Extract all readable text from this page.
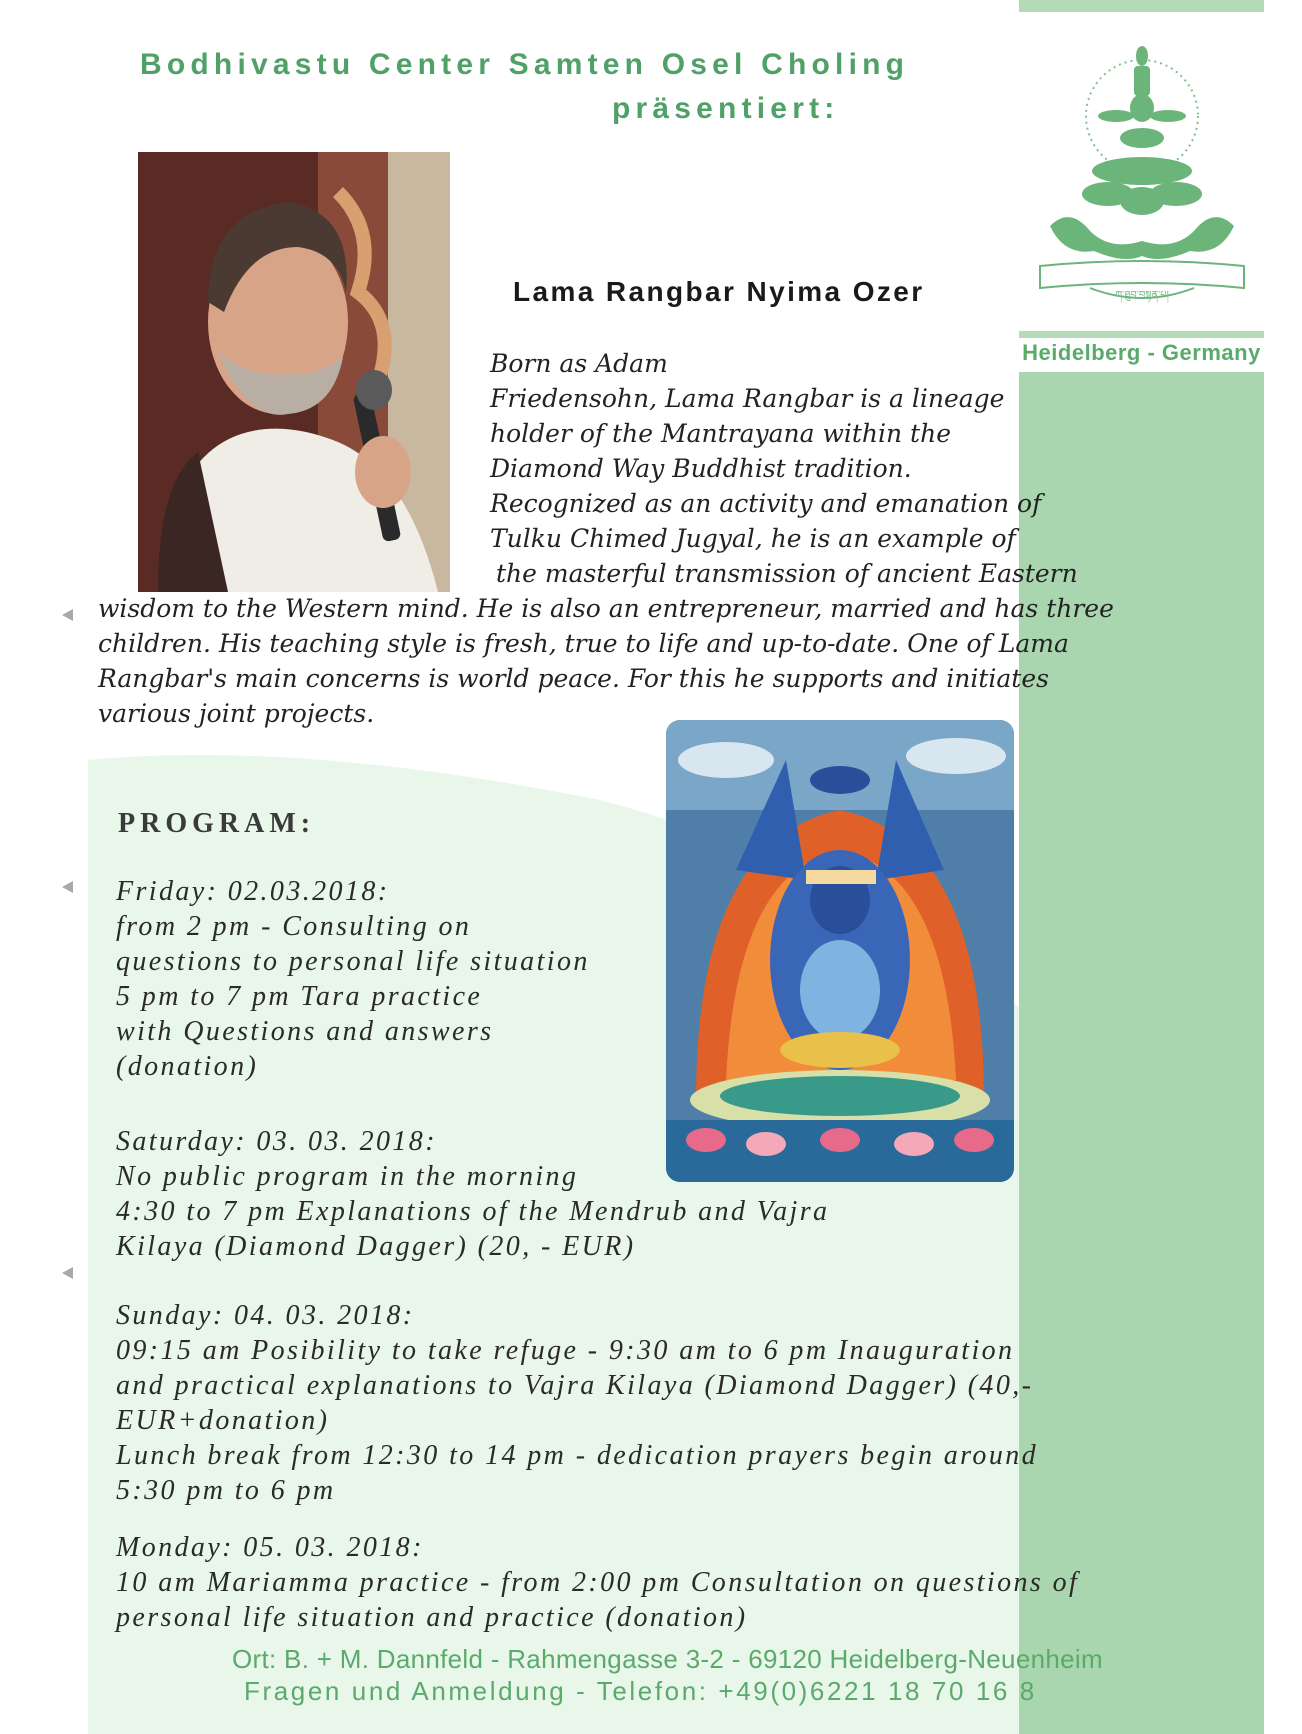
Heidelberg - Germany
Bodhivastu Center Samten Osel Choling
präsentiert:
ཀ་ཐུབ་བསྟན་པ།
Lama Rangbar Nyima Ozer
Born as Adam
Friedensohn, Lama Rangbar is a lineage
holder of the Mantrayana within the
Diamond Way Buddhist tradition.
Recognized as an activity and emanation of
Tulku Chimed Jugyal, he is an example of
the masterful transmission of ancient Eastern
wisdom to the Western mind. He is also an entrepreneur, married and has three
children. His teaching style is fresh, true to life and up-to-date. One of Lama
Rangbar's main concerns is world peace. For this he supports and initiates
various joint projects.
PROGRAM:
Friday: 02.03.2018:
from 2 pm - Consulting on
questions to personal life situation
5 pm to 7 pm Tara practice
with Questions and answers
(donation)
Saturday: 03. 03. 2018:
No public program in the morning
4:30 to 7 pm Explanations of the Mendrub and Vajra
Kilaya (Diamond Dagger) (20, - EUR)
Sunday: 04. 03. 2018:
09:15 am Posibility to take refuge - 9:30 am to 6 pm Inauguration
and practical explanations to Vajra Kilaya (Diamond Dagger) (40,-
EUR+donation)
Lunch break from 12:30 to 14 pm - dedication prayers begin around
5:30 pm to 6 pm
Monday: 05. 03. 2018:
10 am Mariamma practice - from 2:00 pm Consultation on questions of
personal life situation and practice (donation)
Ort: B. + M. Dannfeld - Rahmengasse 3-2 - 69120 Heidelberg-Neuenheim
Fragen und Anmeldung - Telefon: +49(0)6221 18 70 16 8
